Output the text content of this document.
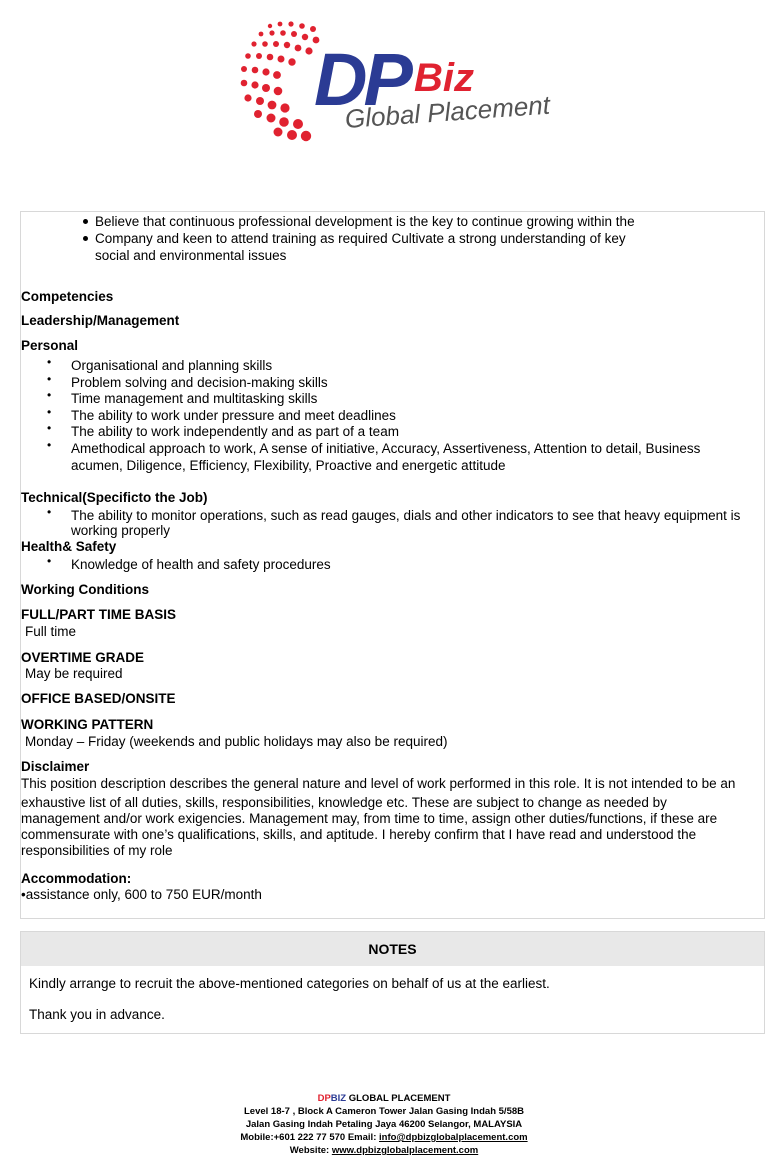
DP Biz
Global Placement
Believe that continuous professional development is the key to continue growing within the
Company and keen to attend training as required Cultivate a strong understanding of key
social and environmental issues
Competencies
Leadership/Management
Personal
• Organisational and planning skills
• Problem solving and decision-making skills
• Time management and multitasking skills
• The ability to work under pressure and meet deadlines
• The ability to work independently and as part of a team
• Amethodical approach to work, A sense of initiative, Accuracy, Assertiveness, Attention to detail, Business
acumen, Diligence, Efficiency, Flexibility, Proactive and energetic attitude
Technical(Specificto the Job)
• The ability to monitor operations, such as read gauges, dials and other indicators to see that heavy equipment is
working properly
Health& Safety
• Knowledge of health and safety procedures
Working Conditions
FULL/PART TIME BASIS
Full time
OVERTIME GRADE
May be required
OFFICE BASED/ONSITE
WORKING PATTERN
Monday – Friday (weekends and public holidays may also be required)
Disclaimer
This position description describes the general nature and level of work performed in this role. It is not intended to be an
exhaustive list of all duties, skills, responsibilities, knowledge etc. These are subject to change as needed by
management and/or work exigencies. Management may, from time to time, assign other duties/functions, if these are
commensurate with one’s qualifications, skills, and aptitude. I hereby confirm that I have read and understood the
responsibilities of my role
Accommodation:
•assistance only, 600 to 750 EUR/month
NOTES
Kindly arrange to recruit the above-mentioned categories on behalf of us at the earliest.
Thank you in advance.
DPBIZ GLOBAL PLACEMENT
Level 18-7 , Block A Cameron Tower Jalan Gasing Indah 5/58B
Jalan Gasing Indah Petaling Jaya 46200 Selangor, MALAYSIA
Mobile:+601 222 77 570 Email: info@dpbizglobalplacement.com
Website: www.dpbizglobalplacement.com
